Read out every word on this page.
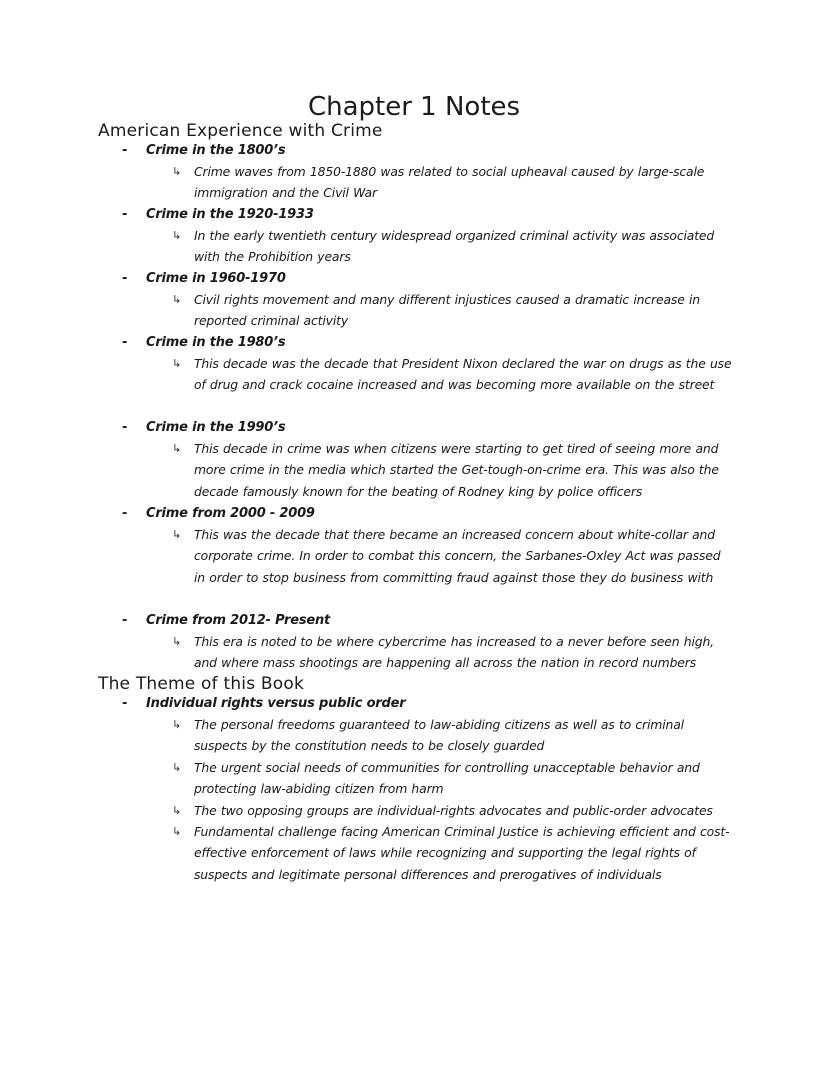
Chapter 1 Notes
American Experience with Crime
- Crime in the 1800’s
↳ Crime waves from 1850-1880 was related to social upheaval caused by large-scale immigration and the Civil War
- Crime in the 1920-1933
↳ In the early twentieth century widespread organized criminal activity was associated with the Prohibition years
- Crime in 1960-1970
↳ Civil rights movement and many different injustices caused a dramatic increase in reported criminal activity
- Crime in the 1980’s
↳ This decade was the decade that President Nixon declared the war on drugs as the use of drug and crack cocaine increased and was becoming more available on the street
- Crime in the 1990’s
↳ This decade in crime was when citizens were starting to get tired of seeing more and more crime in the media which started the Get-tough-on-crime era. This was also the decade famously known for the beating of Rodney king by police officers
- Crime from 2000 - 2009
↳ This was the decade that there became an increased concern about white-collar and corporate crime. In order to combat this concern, the Sarbanes-Oxley Act was passed in order to stop business from committing fraud against those they do business with
- Crime from 2012- Present
↳ This era is noted to be where cybercrime has increased to a never before seen high, and where mass shootings are happening all across the nation in record numbers
The Theme of this Book
- Individual rights versus public order
↳ The personal freedoms guaranteed to law-abiding citizens as well as to criminal suspects by the constitution needs to be closely guarded
↳ The urgent social needs of communities for controlling unacceptable behavior and protecting law-abiding citizen from harm
↳ The two opposing groups are individual-rights advocates and public-order advocates
↳ Fundamental challenge facing American Criminal Justice is achieving efficient and cost-effective enforcement of laws while recognizing and supporting the legal rights of suspects and legitimate personal differences and prerogatives of individuals
